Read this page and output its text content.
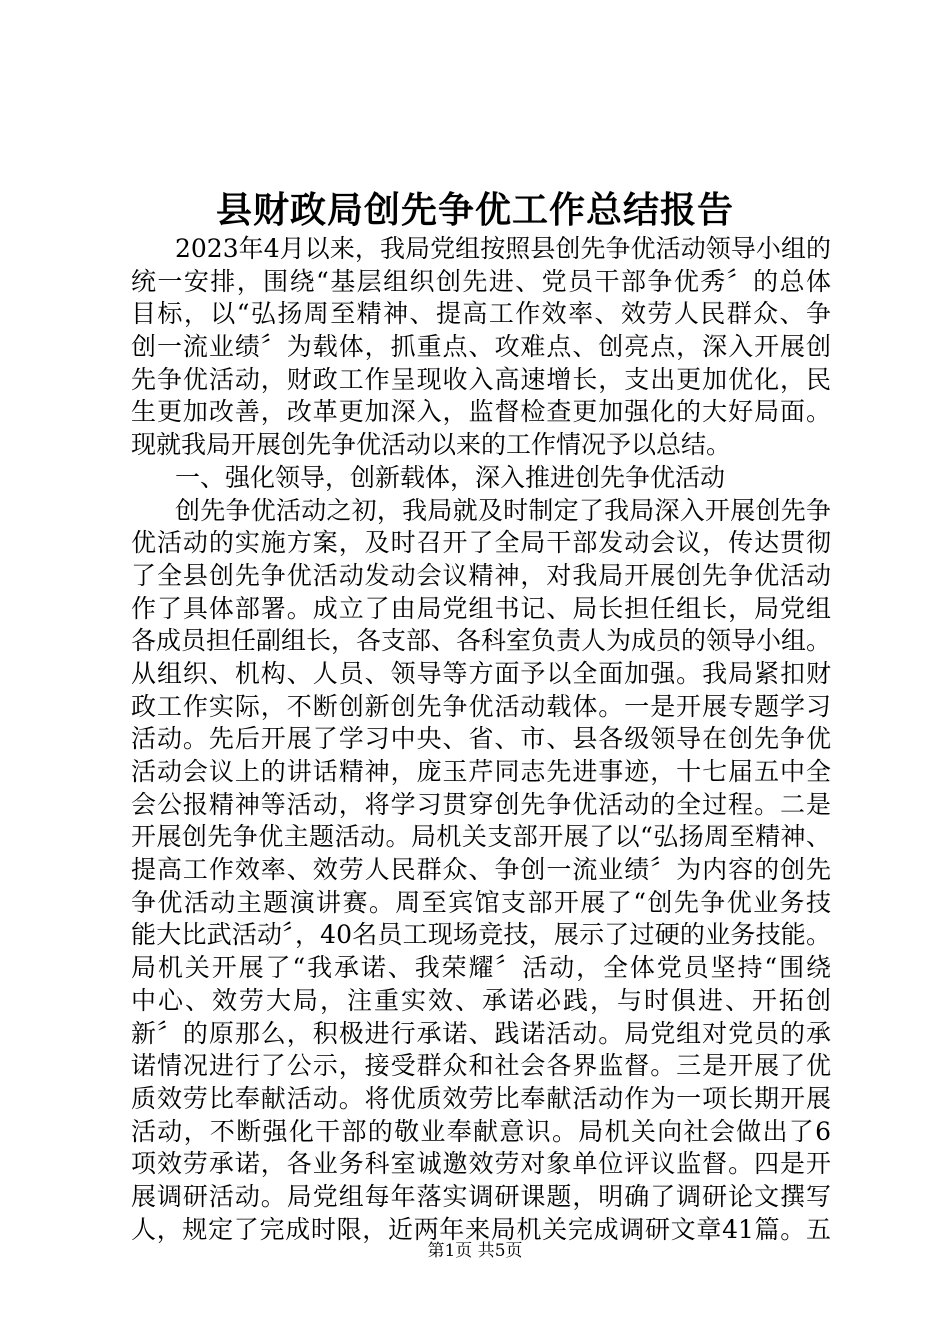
县财政局创先争优工作总结报告
2023年4月以来，我局党组按照县创先争优活动领导小组的
统一安排，围绕“基层组织创先进、党员干部争优秀〞的总体
目标，以“弘扬周至精神、提高工作效率、效劳人民群众、争
创一流业绩〞为载体，抓重点、攻难点、创亮点，深入开展创
先争优活动，财政工作呈现收入高速增长，支出更加优化，民
生更加改善，改革更加深入，监督检查更加强化的大好局面。
现就我局开展创先争优活动以来的工作情况予以总结。
一、强化领导，创新载体，深入推进创先争优活动
创先争优活动之初，我局就及时制定了我局深入开展创先争
优活动的实施方案，及时召开了全局干部发动会议，传达贯彻
了全县创先争优活动发动会议精神，对我局开展创先争优活动
作了具体部署。成立了由局党组书记、局长担任组长，局党组
各成员担任副组长，各支部、各科室负责人为成员的领导小组。
从组织、机构、人员、领导等方面予以全面加强。我局紧扣财
政工作实际，不断创新创先争优活动载体。一是开展专题学习
活动。先后开展了学习中央、省、市、县各级领导在创先争优
活动会议上的讲话精神，庞玉芹同志先进事迹，十七届五中全
会公报精神等活动，将学习贯穿创先争优活动的全过程。二是
开展创先争优主题活动。局机关支部开展了以“弘扬周至精神、
提高工作效率、效劳人民群众、争创一流业绩〞为内容的创先
争优活动主题演讲赛。周至宾馆支部开展了“创先争优业务技
能大比武活动〞，40名员工现场竞技，展示了过硬的业务技能。
局机关开展了“我承诺、我荣耀〞活动，全体党员坚持“围绕
中心、效劳大局，注重实效、承诺必践，与时俱进、开拓创
新〞的原那么，积极进行承诺、践诺活动。局党组对党员的承
诺情况进行了公示，接受群众和社会各界监督。三是开展了优
质效劳比奉献活动。将优质效劳比奉献活动作为一项长期开展
活动，不断强化干部的敬业奉献意识。局机关向社会做出了6
项效劳承诺，各业务科室诚邀效劳对象单位评议监督。四是开
展调研活动。局党组每年落实调研课题，明确了调研论文撰写
人，规定了完成时限，近两年来局机关完成调研文章41篇。五
第1页 共5页
